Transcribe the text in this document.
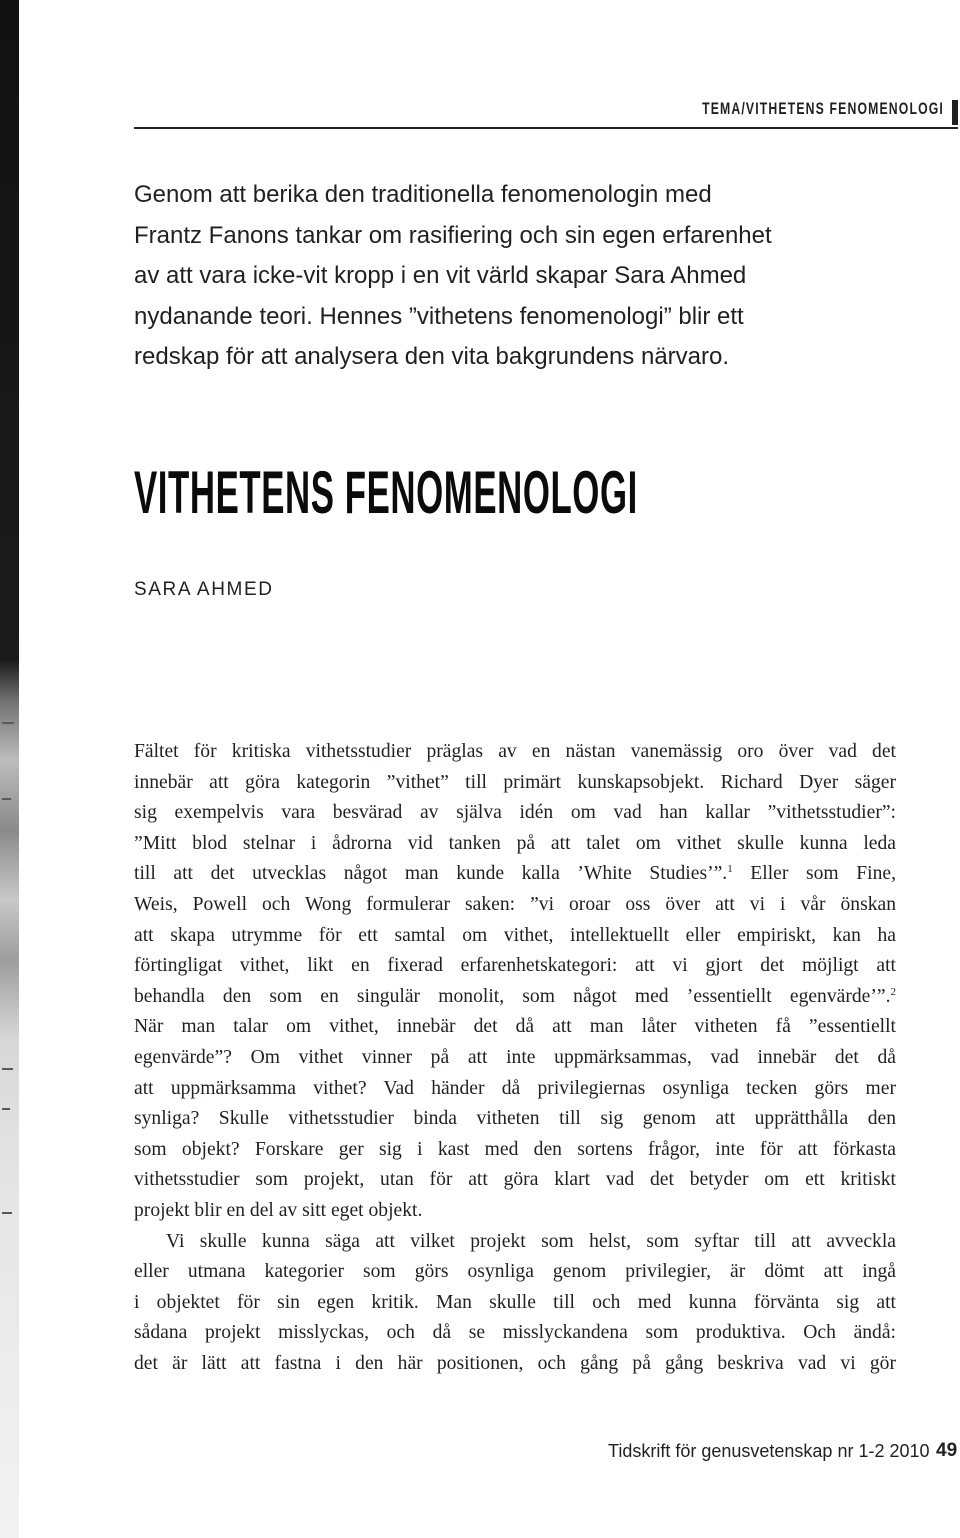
TEMA/VITHETENS FENOMENOLOGI

Genom att berika den traditionella fenomenologin med
Frantz Fanons tankar om rasifiering och sin egen erfarenhet
av att vara icke-vit kropp i en vit värld skapar Sara Ahmed
nydanande teori. Hennes ”vithetens fenomenologi” blir ett
redskap för att analysera den vita bakgrundens närvaro.

VITHETENS FENOMENOLOGI
SARA AHMED
Fältet för kritiska vithetsstudier präglas av en nästan vanemässig oro över vad det
innebär att göra kategorin ”vithet” till primärt kunskapsobjekt. Richard Dyer säger
sig exempelvis vara besvärad av själva idén om vad han kallar ”vithetsstudier”:
”Mitt blod stelnar i ådrorna vid tanken på att talet om vithet skulle kunna leda
till att det utvecklas något man kunde kalla ’White Studies’”.$^1$ Eller som Fine,
Weis, Powell och Wong formulerar saken: ”vi oroar oss över att vi i vår önskan
att skapa utrymme för ett samtal om vithet, intellektuellt eller empiriskt, kan ha
förtingligat vithet, likt en fixerad erfarenhetskategori: att vi gjort det möjligt att
behandla den som en singulär monolit, som något med ’essentiellt egenvärde’”.$^2$
När man talar om vithet, innebär det då att man låter vitheten få ”essentiellt
egenvärde”? Om vithet vinner på att inte uppmärksammas, vad innebär det då
att uppmärksamma vithet? Vad händer då privilegiernas osynliga tecken görs mer
synliga? Skulle vithetsstudier binda vitheten till sig genom att upprätthålla den
som objekt? Forskare ger sig i kast med den sortens frågor, inte för att förkasta
vithetsstudier som projekt, utan för att göra klart vad det betyder om ett kritiskt
projekt blir en del av sitt eget objekt.
Vi skulle kunna säga att vilket projekt som helst, som syftar till att avveckla
eller utmana kategorier som görs osynliga genom privilegier, är dömt att ingå
i objektet för sin egen kritik. Man skulle till och med kunna förvänta sig att
sådana projekt misslyckas, och då se misslyckandena som produktiva. Och ändå:
det är lätt att fastna i den här positionen, och gång på gång beskriva vad vi gör
Tidskrift för genusvetenskap nr 1-2 2010 49
